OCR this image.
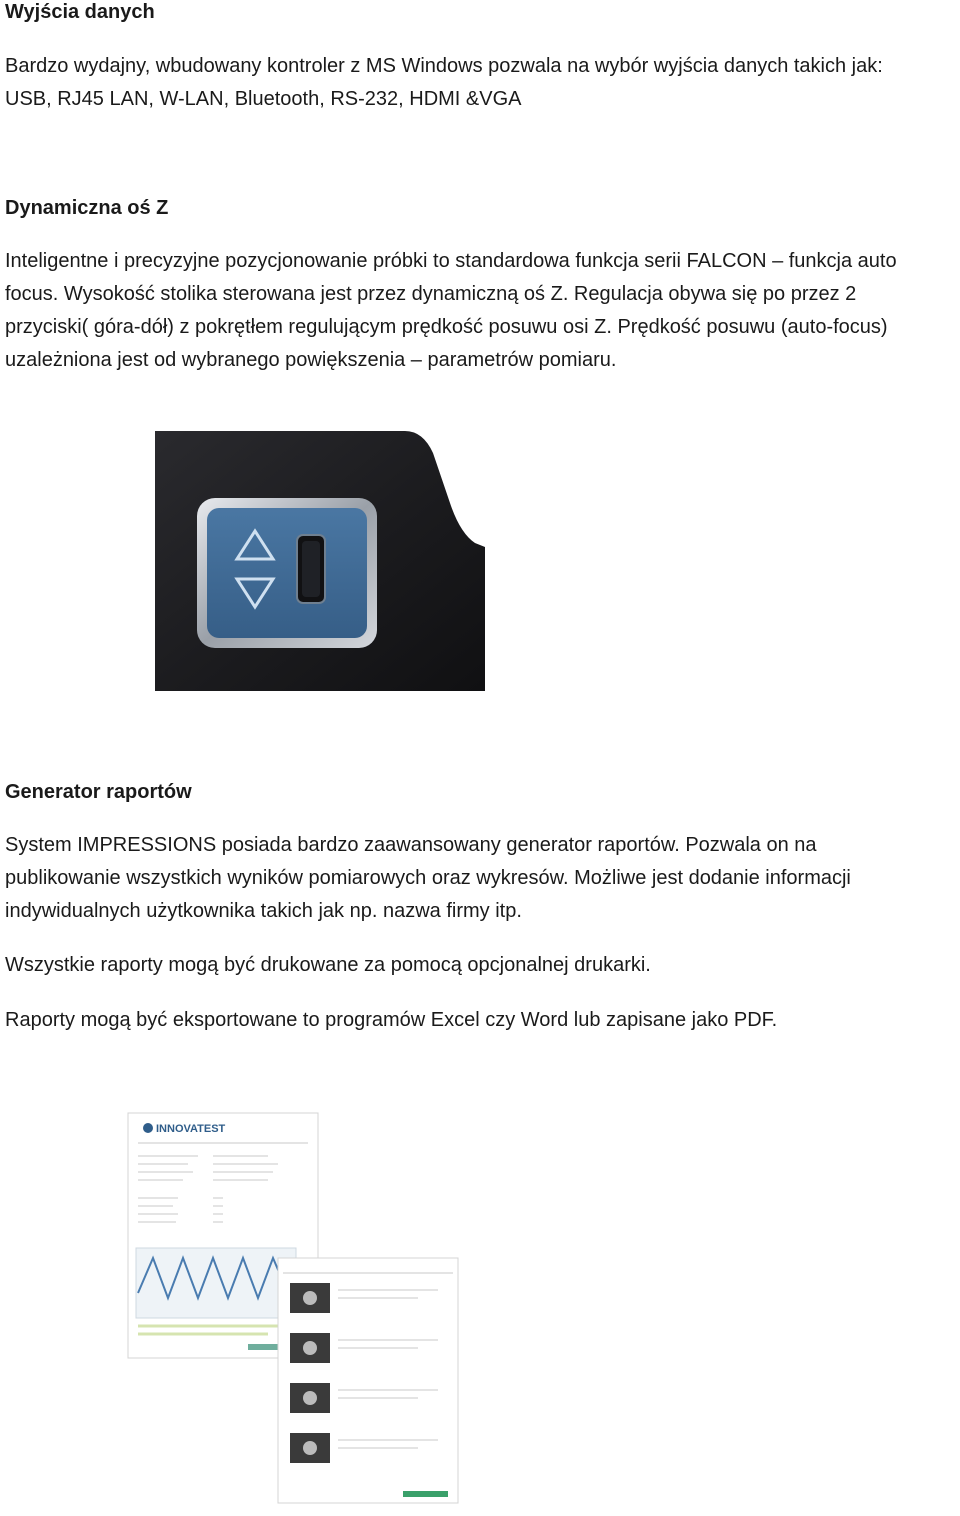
Wyjścia danych
Bardzo wydajny, wbudowany kontroler z MS Windows pozwala na wybór wyjścia danych takich jak:
USB, RJ45 LAN, W-LAN, Bluetooth, RS-232, HDMI &VGA
Dynamiczna oś Z
Inteligentne i precyzyjne pozycjonowanie próbki to standardowa funkcja serii FALCON – funkcja auto
focus. Wysokość stolika sterowana jest przez dynamiczną oś Z. Regulacja obywa się po przez 2
przyciski( góra-dół) z pokrętłem regulującym prędkość posuwu osi Z. Prędkość posuwu (auto-focus)
uzależniona jest od wybranego powiększenia – parametrów pomiaru.
Generator raportów
System IMPRESSIONS posiada bardzo zaawansowany generator raportów. Pozwala on na
publikowanie wszystkich wyników pomiarowych oraz wykresów. Możliwe jest dodanie informacji
indywidualnych użytkownika takich jak np. nazwa firmy itp.
Wszystkie raporty mogą być drukowane za pomocą opcjonalnej drukarki.
Raporty mogą być eksportowane to programów Excel czy Word lub zapisane jako PDF.
INNOVATEST
